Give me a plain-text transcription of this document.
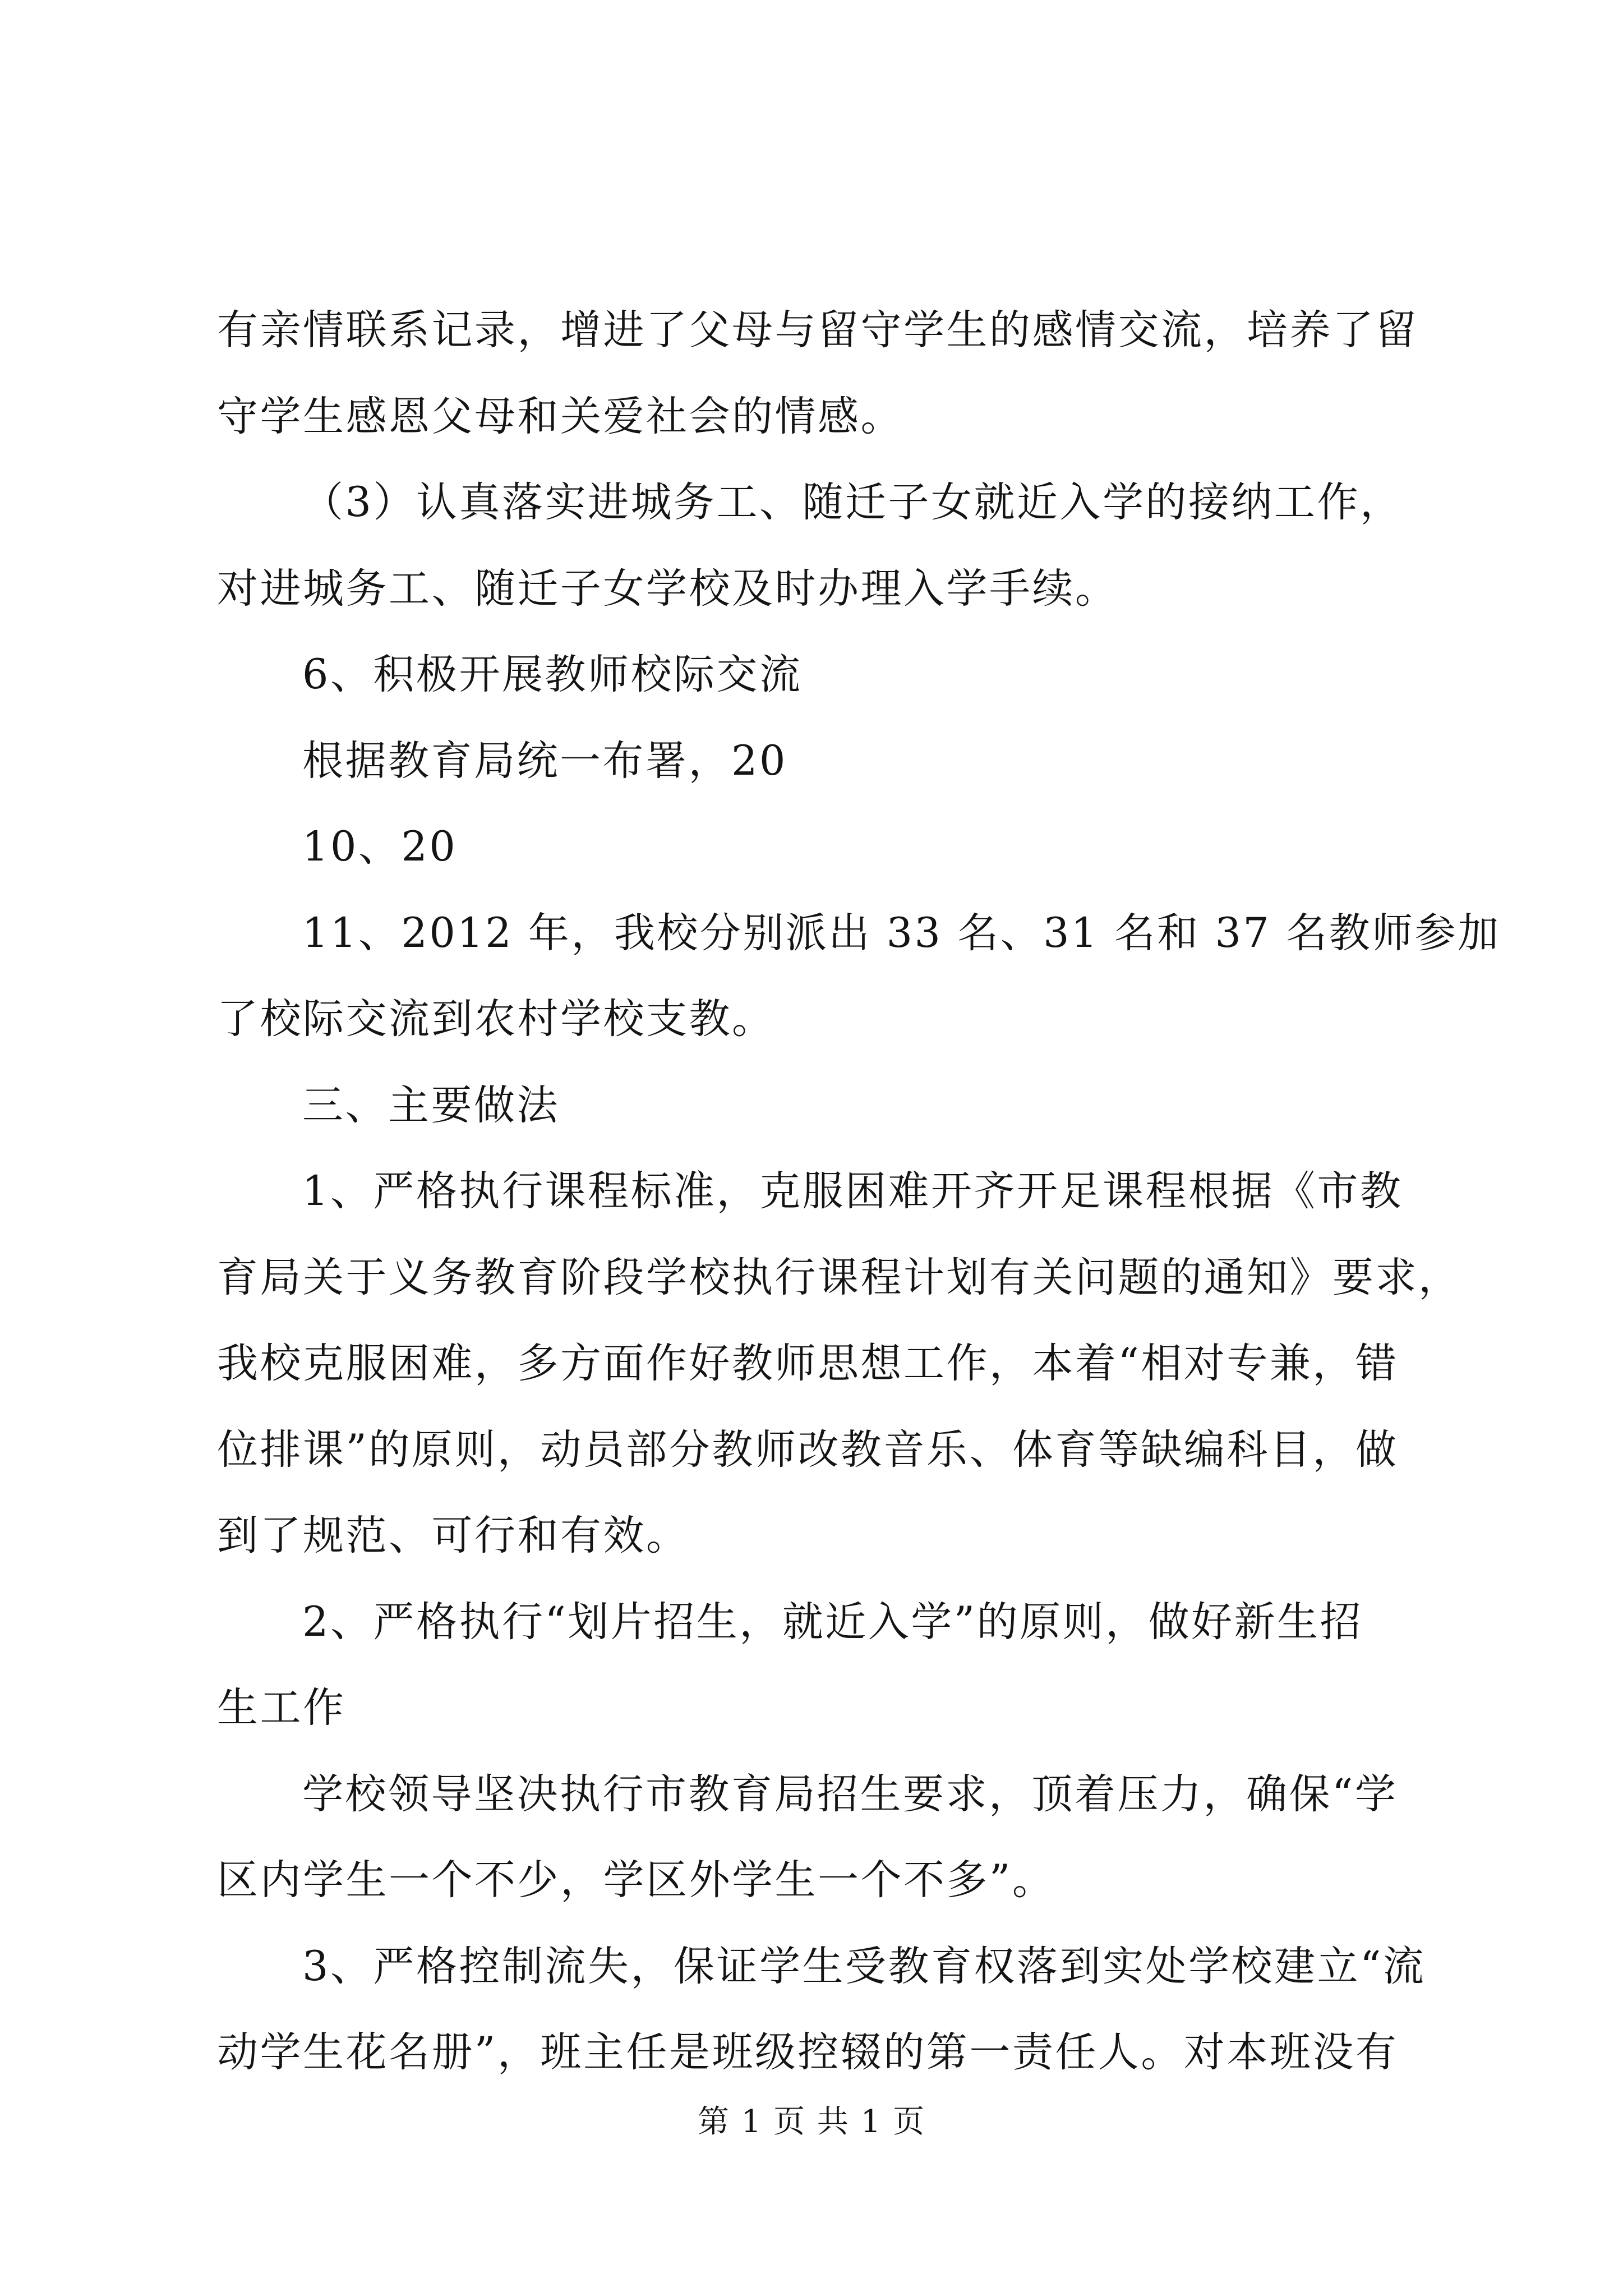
有亲情联系记录，增进了父母与留守学生的感情交流，培养了留

守学生感恩父母和关爱社会的情感。

（3）认真落实进城务工、随迁子女就近入学的接纳工作，

对进城务工、随迁子女学校及时办理入学手续。

6、积极开展教师校际交流

根据教育局统一布署，20

10、20

11、2012 年，我校分别派出 33 名、31 名和 37 名教师参加

了校际交流到农村学校支教。

三、主要做法

1、严格执行课程标准，克服困难开齐开足课程根据《市教

育局关于义务教育阶段学校执行课程计划有关问题的通知》要求，

我校克服困难，多方面作好教师思想工作，本着“相对专兼，错

位排课”的原则，动员部分教师改教音乐、体育等缺编科目，做

到了规范、可行和有效。

2、严格执行“划片招生，就近入学”的原则，做好新生招

生工作

学校领导坚决执行市教育局招生要求，顶着压力，确保“学

区内学生一个不少，学区外学生一个不多”。

3、严格控制流失，保证学生受教育权落到实处学校建立“流

动学生花名册”，班主任是班级控辍的第一责任人。对本班没有

第 1 页 共 1 页
